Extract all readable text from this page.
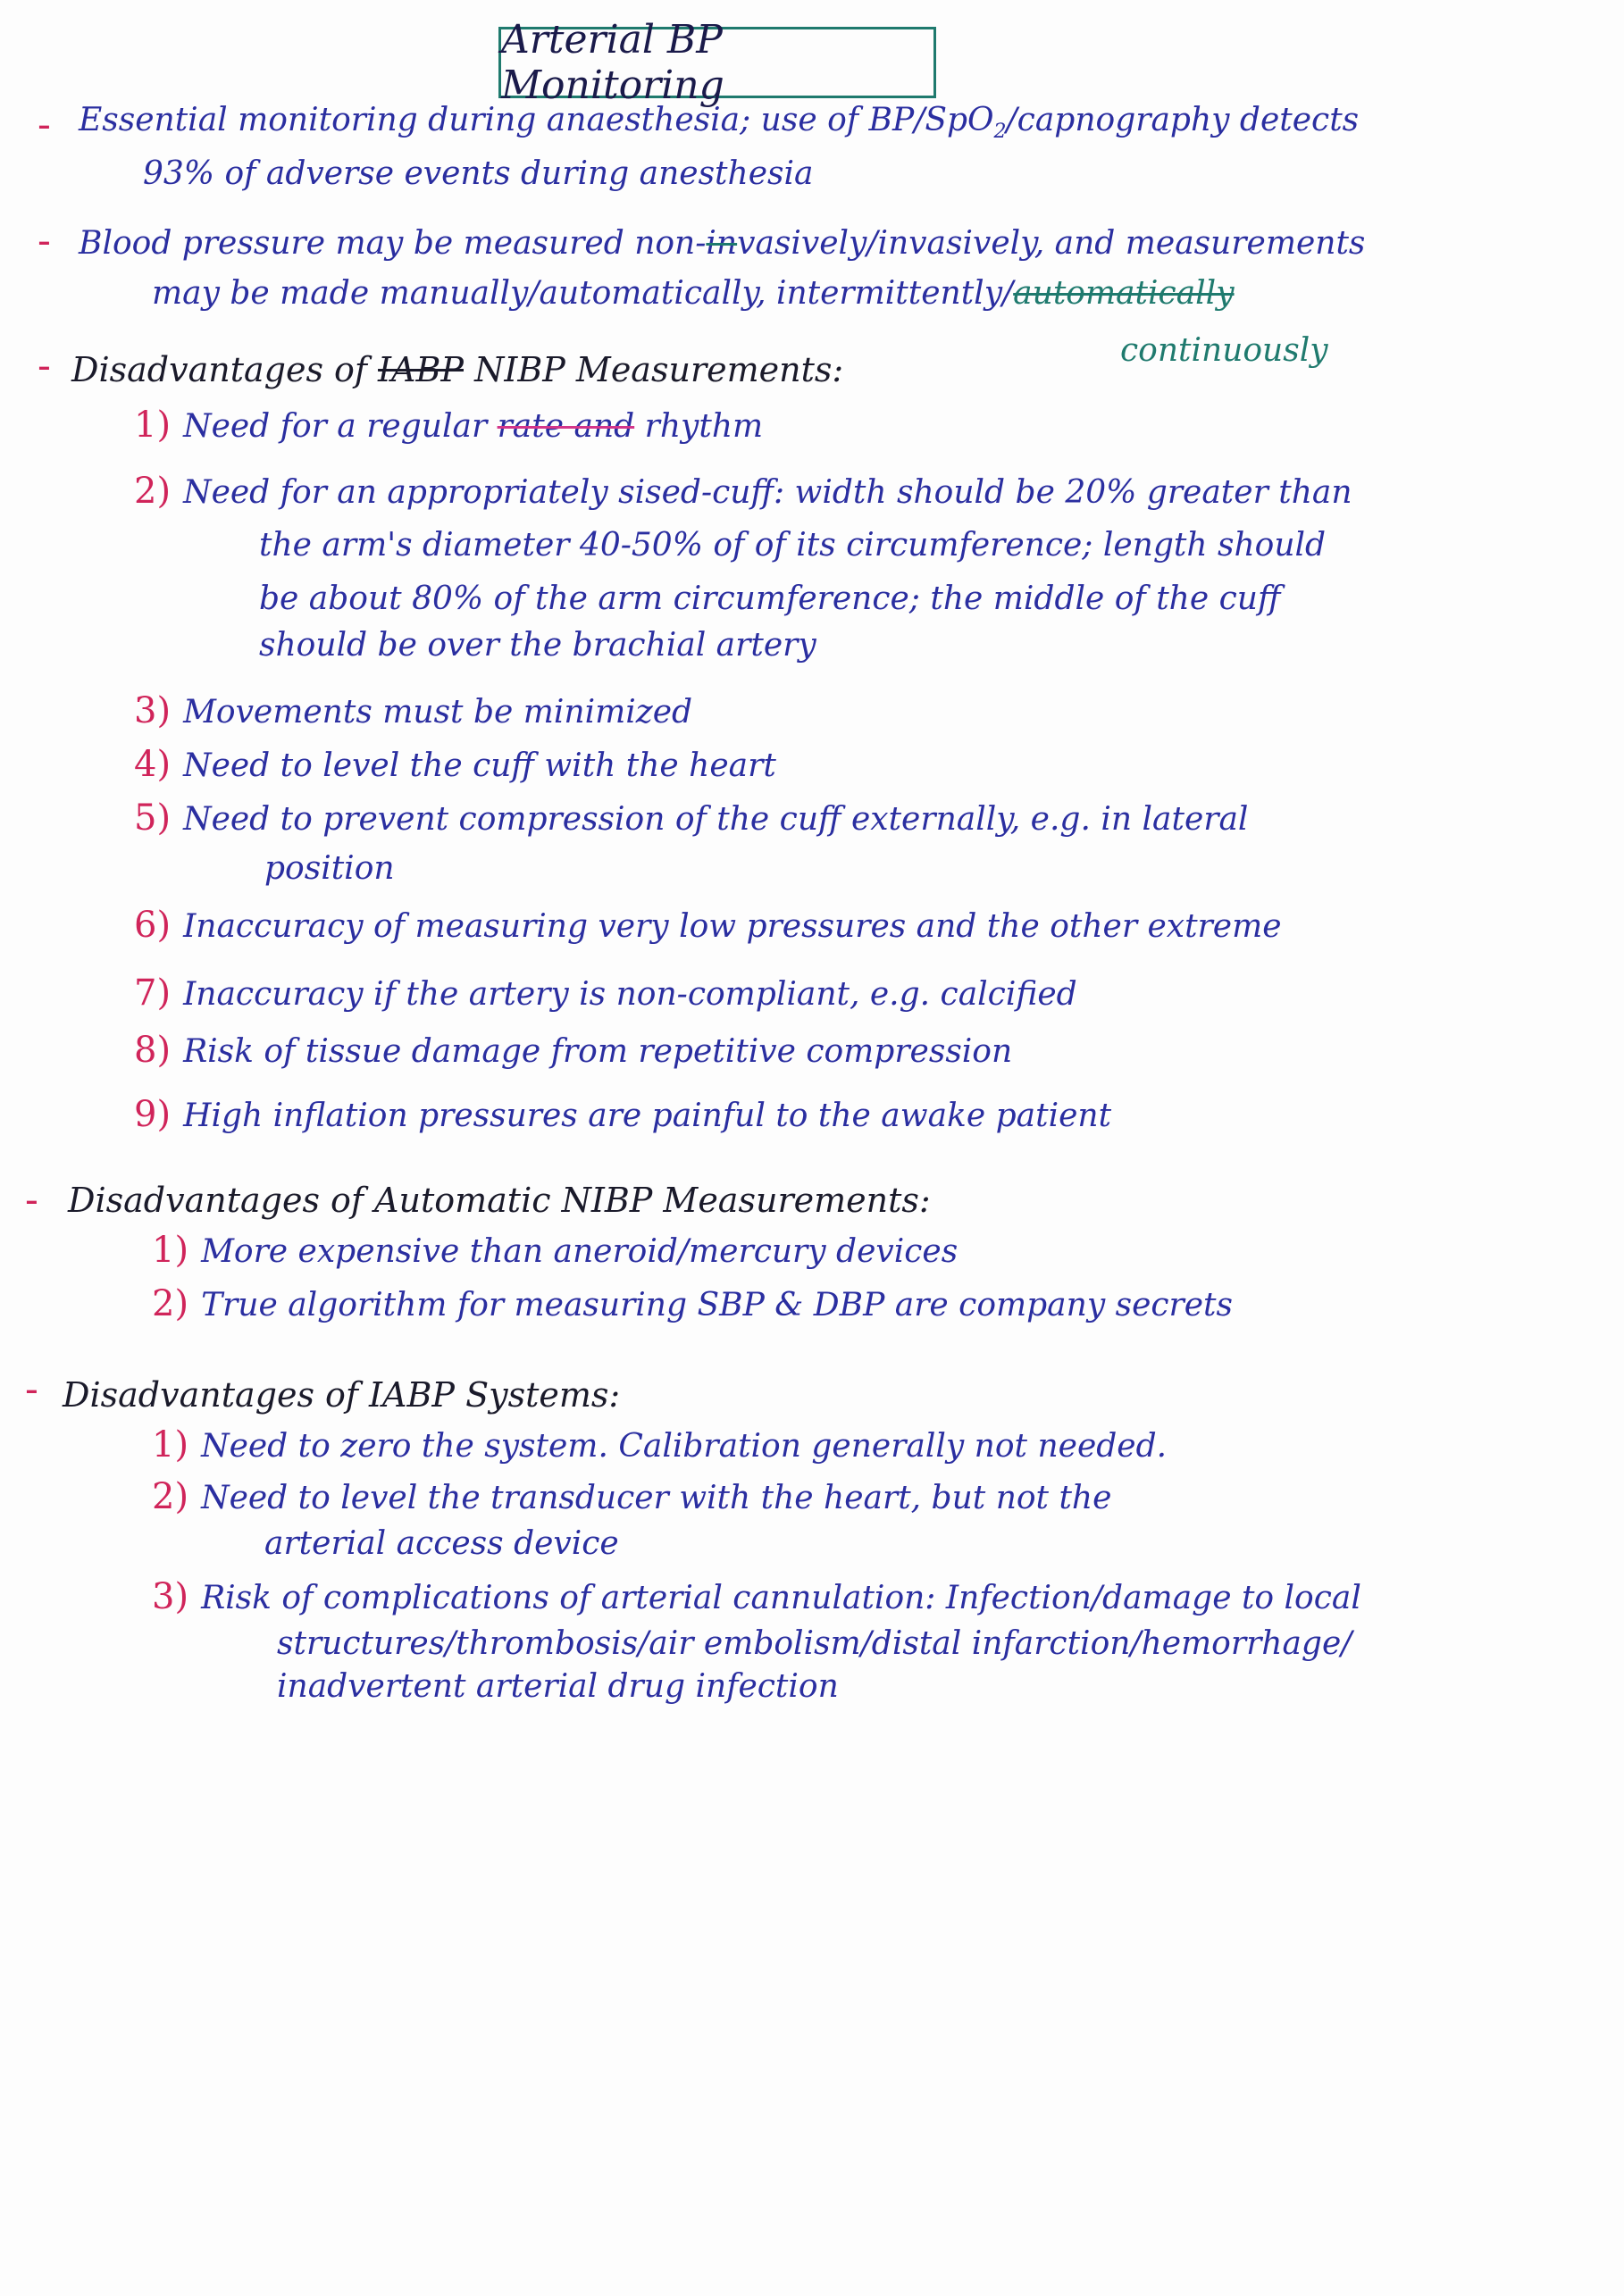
Arterial BP Monitoring
- Essential monitoring during anaesthesia; use of BP/SpO$_2$/capnography detects
93% of adverse events during anesthesia
- Blood pressure may be measured non-invasively/invasively, and measurements
may be made manually/automatically, intermittently/automatically
continuously
- Disadvantages of IABP NIBP Measurements:
1) Need for a regular rate and rhythm
2) Need for an appropriately sised-cuff: width should be 20% greater than
the arm's diameter 40-50% of of its circumference; length should
be about 80% of the arm circumference; the middle of the cuff
should be over the brachial artery
3) Movements must be minimized
4) Need to level the cuff with the heart
5) Need to prevent compression of the cuff externally, e.g. in lateral
position
6) Inaccuracy of measuring very low pressures and the other extreme
7) Inaccuracy if the artery is non-compliant, e.g. calcified
8) Risk of tissue damage from repetitive compression
9) High inflation pressures are painful to the awake patient
- Disadvantages of Automatic NIBP Measurements:
1) More expensive than aneroid/mercury devices
2) True algorithm for measuring SBP & DBP are company secrets
- Disadvantages of IABP Systems:
1) Need to zero the system. Calibration generally not needed.
2) Need to level the transducer with the heart, but not the
arterial access device
3) Risk of complications of arterial cannulation: Infection/damage to local
structures/thrombosis/air embolism/distal infarction/hemorrhage/
inadvertent arterial drug infection
